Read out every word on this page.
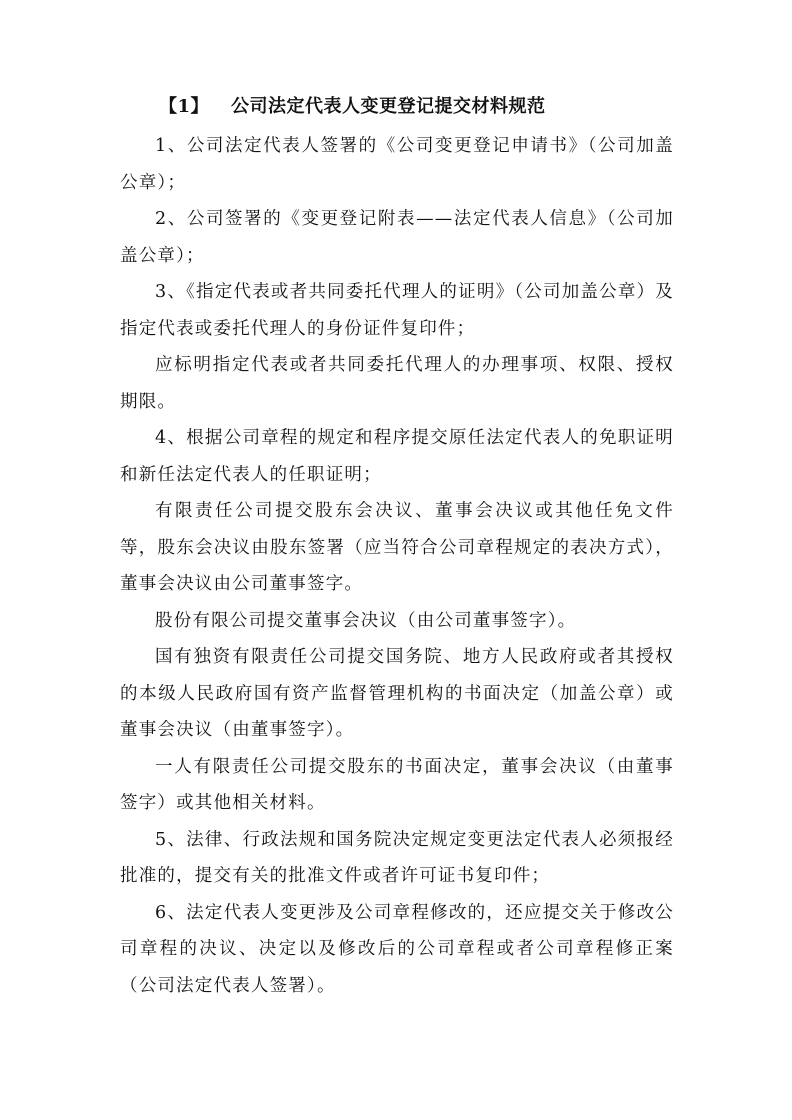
【1】 公司法定代表人变更登记提交材料规范

1、公司法定代表人签署的《公司变更登记申请书》（公司加盖公章）；

2、公司签署的《变更登记附表——法定代表人信息》（公司加盖公章）；

3、《指定代表或者共同委托代理人的证明》（公司加盖公章）及指定代表或委托代理人的身份证件复印件；

应标明指定代表或者共同委托代理人的办理事项、权限、授权期限。

4、根据公司章程的规定和程序提交原任法定代表人的免职证明和新任法定代表人的任职证明；

有限责任公司提交股东会决议、董事会决议或其他任免文件等，股东会决议由股东签署（应当符合公司章程规定的表决方式），董事会决议由公司董事签字。

股份有限公司提交董事会决议（由公司董事签字）。

国有独资有限责任公司提交国务院、地方人民政府或者其授权的本级人民政府国有资产监督管理机构的书面决定（加盖公章）或董事会决议（由董事签字）。

一人有限责任公司提交股东的书面决定，董事会决议（由董事签字）或其他相关材料。

5、法律、行政法规和国务院决定规定变更法定代表人必须报经批准的，提交有关的批准文件或者许可证书复印件；

6、法定代表人变更涉及公司章程修改的，还应提交关于修改公司章程的决议、决定以及修改后的公司章程或者公司章程修正案（公司法定代表人签署）。
